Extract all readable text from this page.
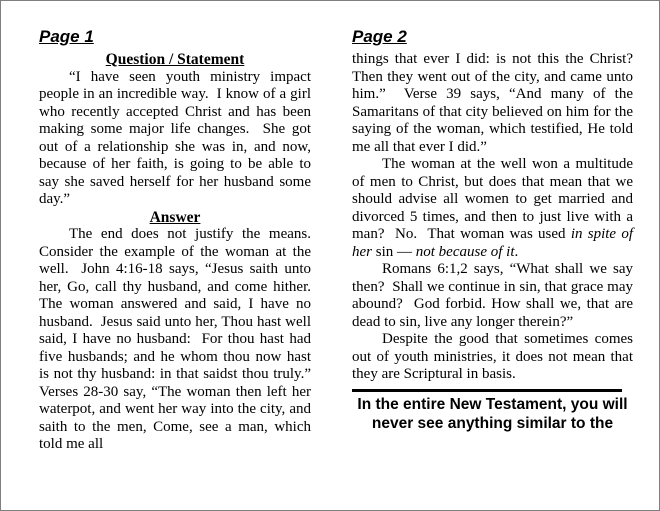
Page 1
Question / Statement

“I have seen youth ministry impact people in an incredible way.  I know of a girl who recently accepted Christ and has been making some major life changes.  She got out of a relationship she was in, and now, because of her faith, is going to be able to say she saved herself for her husband some day.”

Answer

The end does not justify the means.  Consider the example of the woman at the well.  John 4:16-18 says, “Jesus saith unto her, Go, call thy husband, and come hither.  The woman answered and said, I have no husband.  Jesus said unto her, Thou hast well said, I have no husband:  For thou hast had five husbands; and he whom thou now hast is not thy husband: in that saidst thou truly.”  Verses 28-30 say, “The woman then left her waterpot, and went her way into the city, and saith to the men, Come, see a man, which told me all

Page 2

things that ever I did: is not this the Christ?  Then they went out of the city, and came unto him.”  Verse 39 says, “And many of the Samaritans of that city believed on him for the saying of the woman, which testified, He told me all that ever I did.”

The woman at the well won a multitude of men to Christ, but does that mean that we should advise all women to get married and divorced 5 times, and then to just live with a man?  No.  That woman was used in spite of her sin — not because of it.

Romans 6:1,2 says, “What shall we say then?  Shall we continue in sin, that grace may abound?  God forbid. How shall we, that are dead to sin, live any longer therein?”

Despite the good that sometimes comes out of youth ministries, it does not mean that they are Scriptural in basis.

In the entire New Testament, you will
never see anything similar to the
